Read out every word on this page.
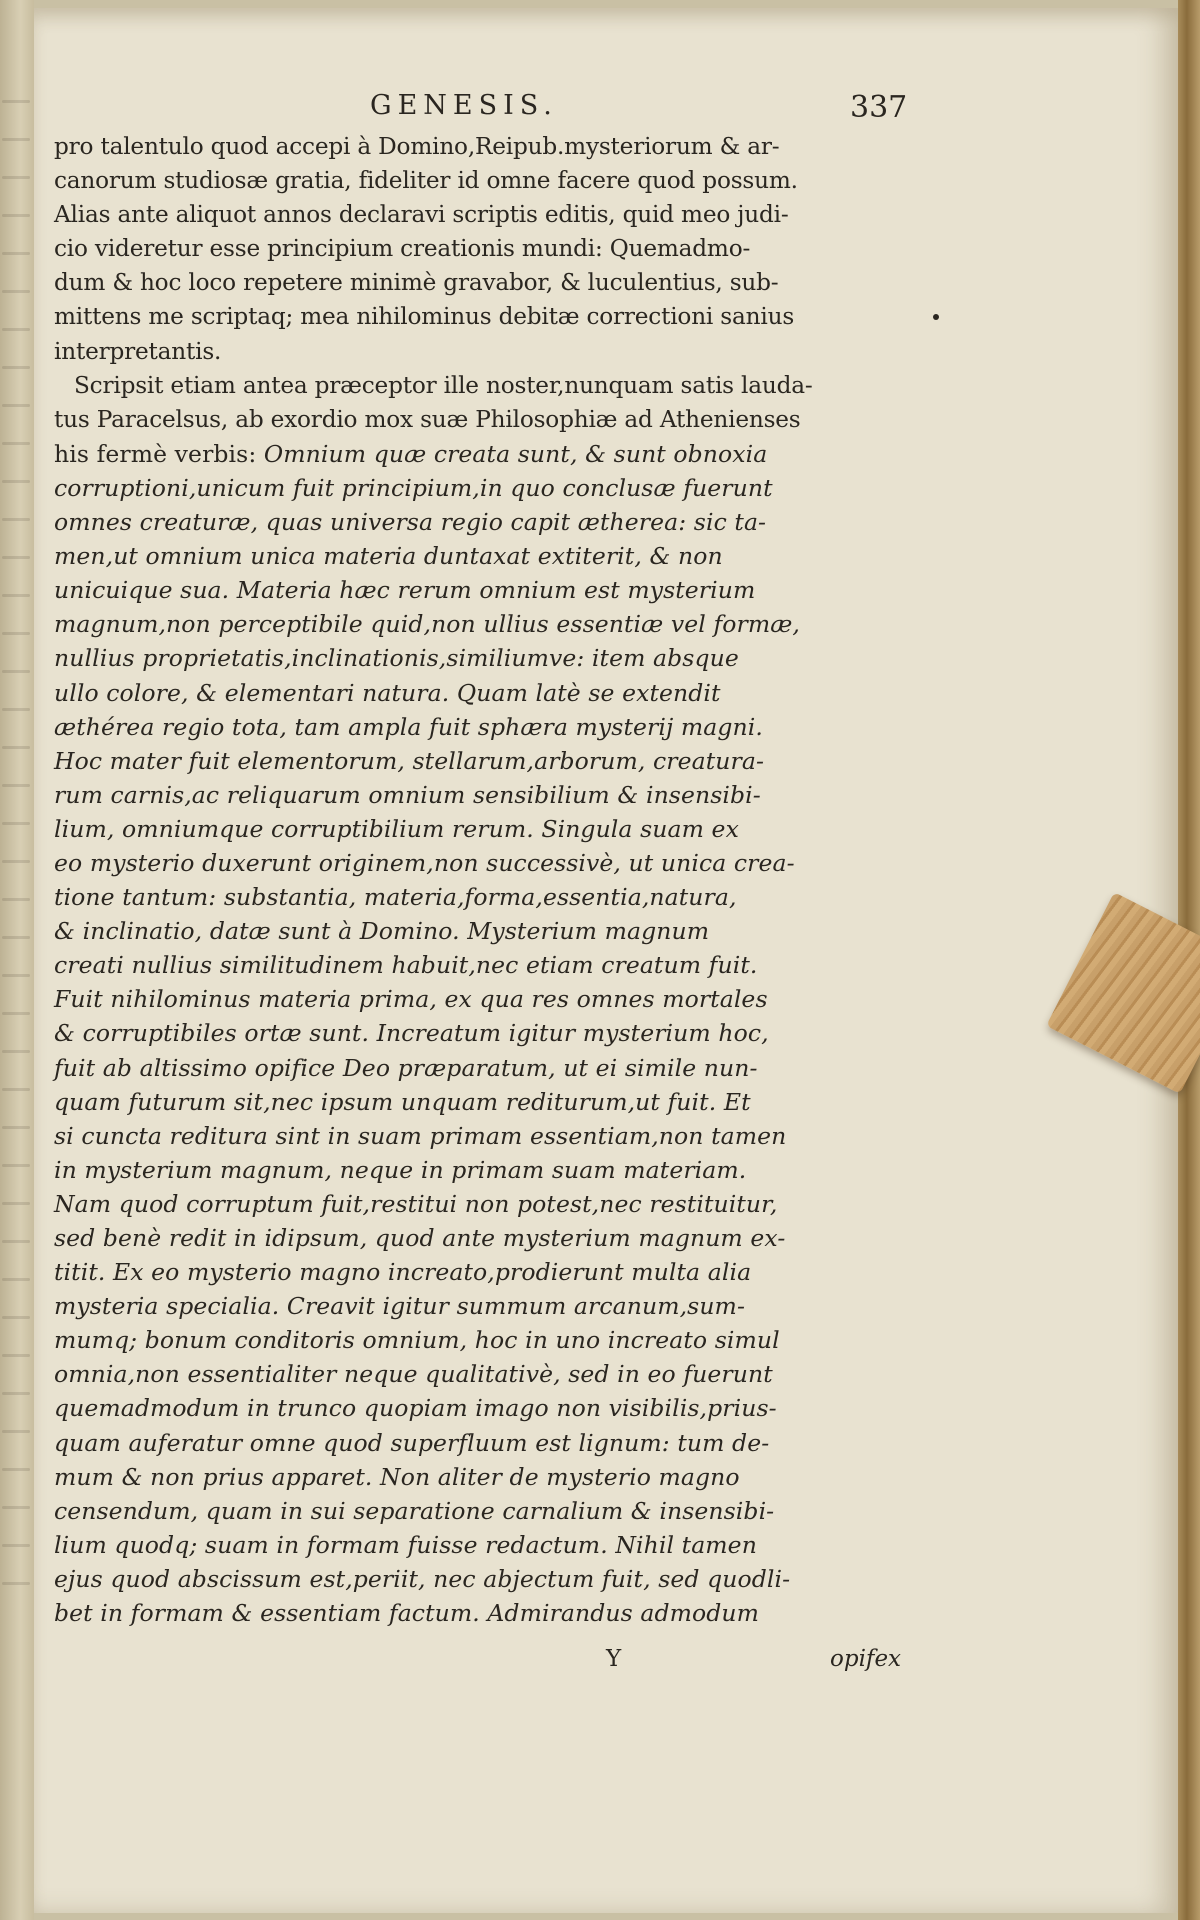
GENESIS.	337
pro talentulo quod accepi à Domino,Reipub.mysteriorum & ar-
canorum studiosæ gratia, fideliter id omne facere quod possum.
Alias ante aliquot annos declaravi scriptis editis, quid meo judi-
cio videretur esse principium creationis mundi: Quemadmo-
dum & hoc loco repetere minimè gravabor, & luculentius, sub-
mittens me scriptaq; mea nihilominus debitæ correctioni sanius
interpretantis.
Scripsit etiam antea præceptor ille noster,nunquam satis lauda-
tus Paracelsus, ab exordio mox suæ Philosophiæ ad Athenienses
his fermè verbis: Omnium quæ creata sunt, & sunt obnoxia
corruptioni,unicum fuit principium,in quo conclusæ fuerunt
omnes creaturæ, quas universa regio capit ætherea: sic ta-
men,ut omnium unica materia duntaxat extiterit, & non
unicuique sua. Materia hæc rerum omnium est mysterium
magnum,non perceptibile quid,non ullius essentiæ vel formæ,
nullius proprietatis,inclinationis,similiumve: item absque
ullo colore, & elementari natura. Quam latè se extendit
æthérea regio tota, tam ampla fuit sphæra mysterij magni.
Hoc mater fuit elementorum, stellarum,arborum, creatura-
rum carnis,ac reliquarum omnium sensibilium & insensibi-
lium, omniumque corruptibilium rerum. Singula suam ex
eo mysterio duxerunt originem,non successivè, ut unica crea-
tione tantum: substantia, materia,forma,essentia,natura,
& inclinatio, datæ sunt à Domino. Mysterium magnum
creati nullius similitudinem habuit,nec etiam creatum fuit.
Fuit nihilominus materia prima, ex qua res omnes mortales
& corruptibiles ortæ sunt. Increatum igitur mysterium hoc,
fuit ab altissimo opifice Deo præparatum, ut ei simile nun-
quam futurum sit,nec ipsum unquam rediturum,ut fuit. Et
si cuncta reditura sint in suam primam essentiam,non tamen
in mysterium magnum, neque in primam suam materiam.
Nam quod corruptum fuit,restitui non potest,nec restituitur,
sed benè redit in idipsum, quod ante mysterium magnum ex-
titit. Ex eo mysterio magno increato,prodierunt multa alia
mysteria specialia. Creavit igitur summum arcanum,sum-
mumq; bonum conditoris omnium, hoc in uno increato simul
omnia,non essentialiter neque qualitativè, sed in eo fuerunt
quemadmodum in trunco quopiam imago non visibilis,prius-
quam auferatur omne quod superfluum est lignum: tum de-
mum & non prius apparet. Non aliter de mysterio magno
censendum, quam in sui separatione carnalium & insensibi-
lium quodq; suam in formam fuisse redactum. Nihil tamen
ejus quod abscissum est,periit, nec abjectum fuit, sed quodli-
bet in formam & essentiam factum. Admirandus admodum
Y	opifex
